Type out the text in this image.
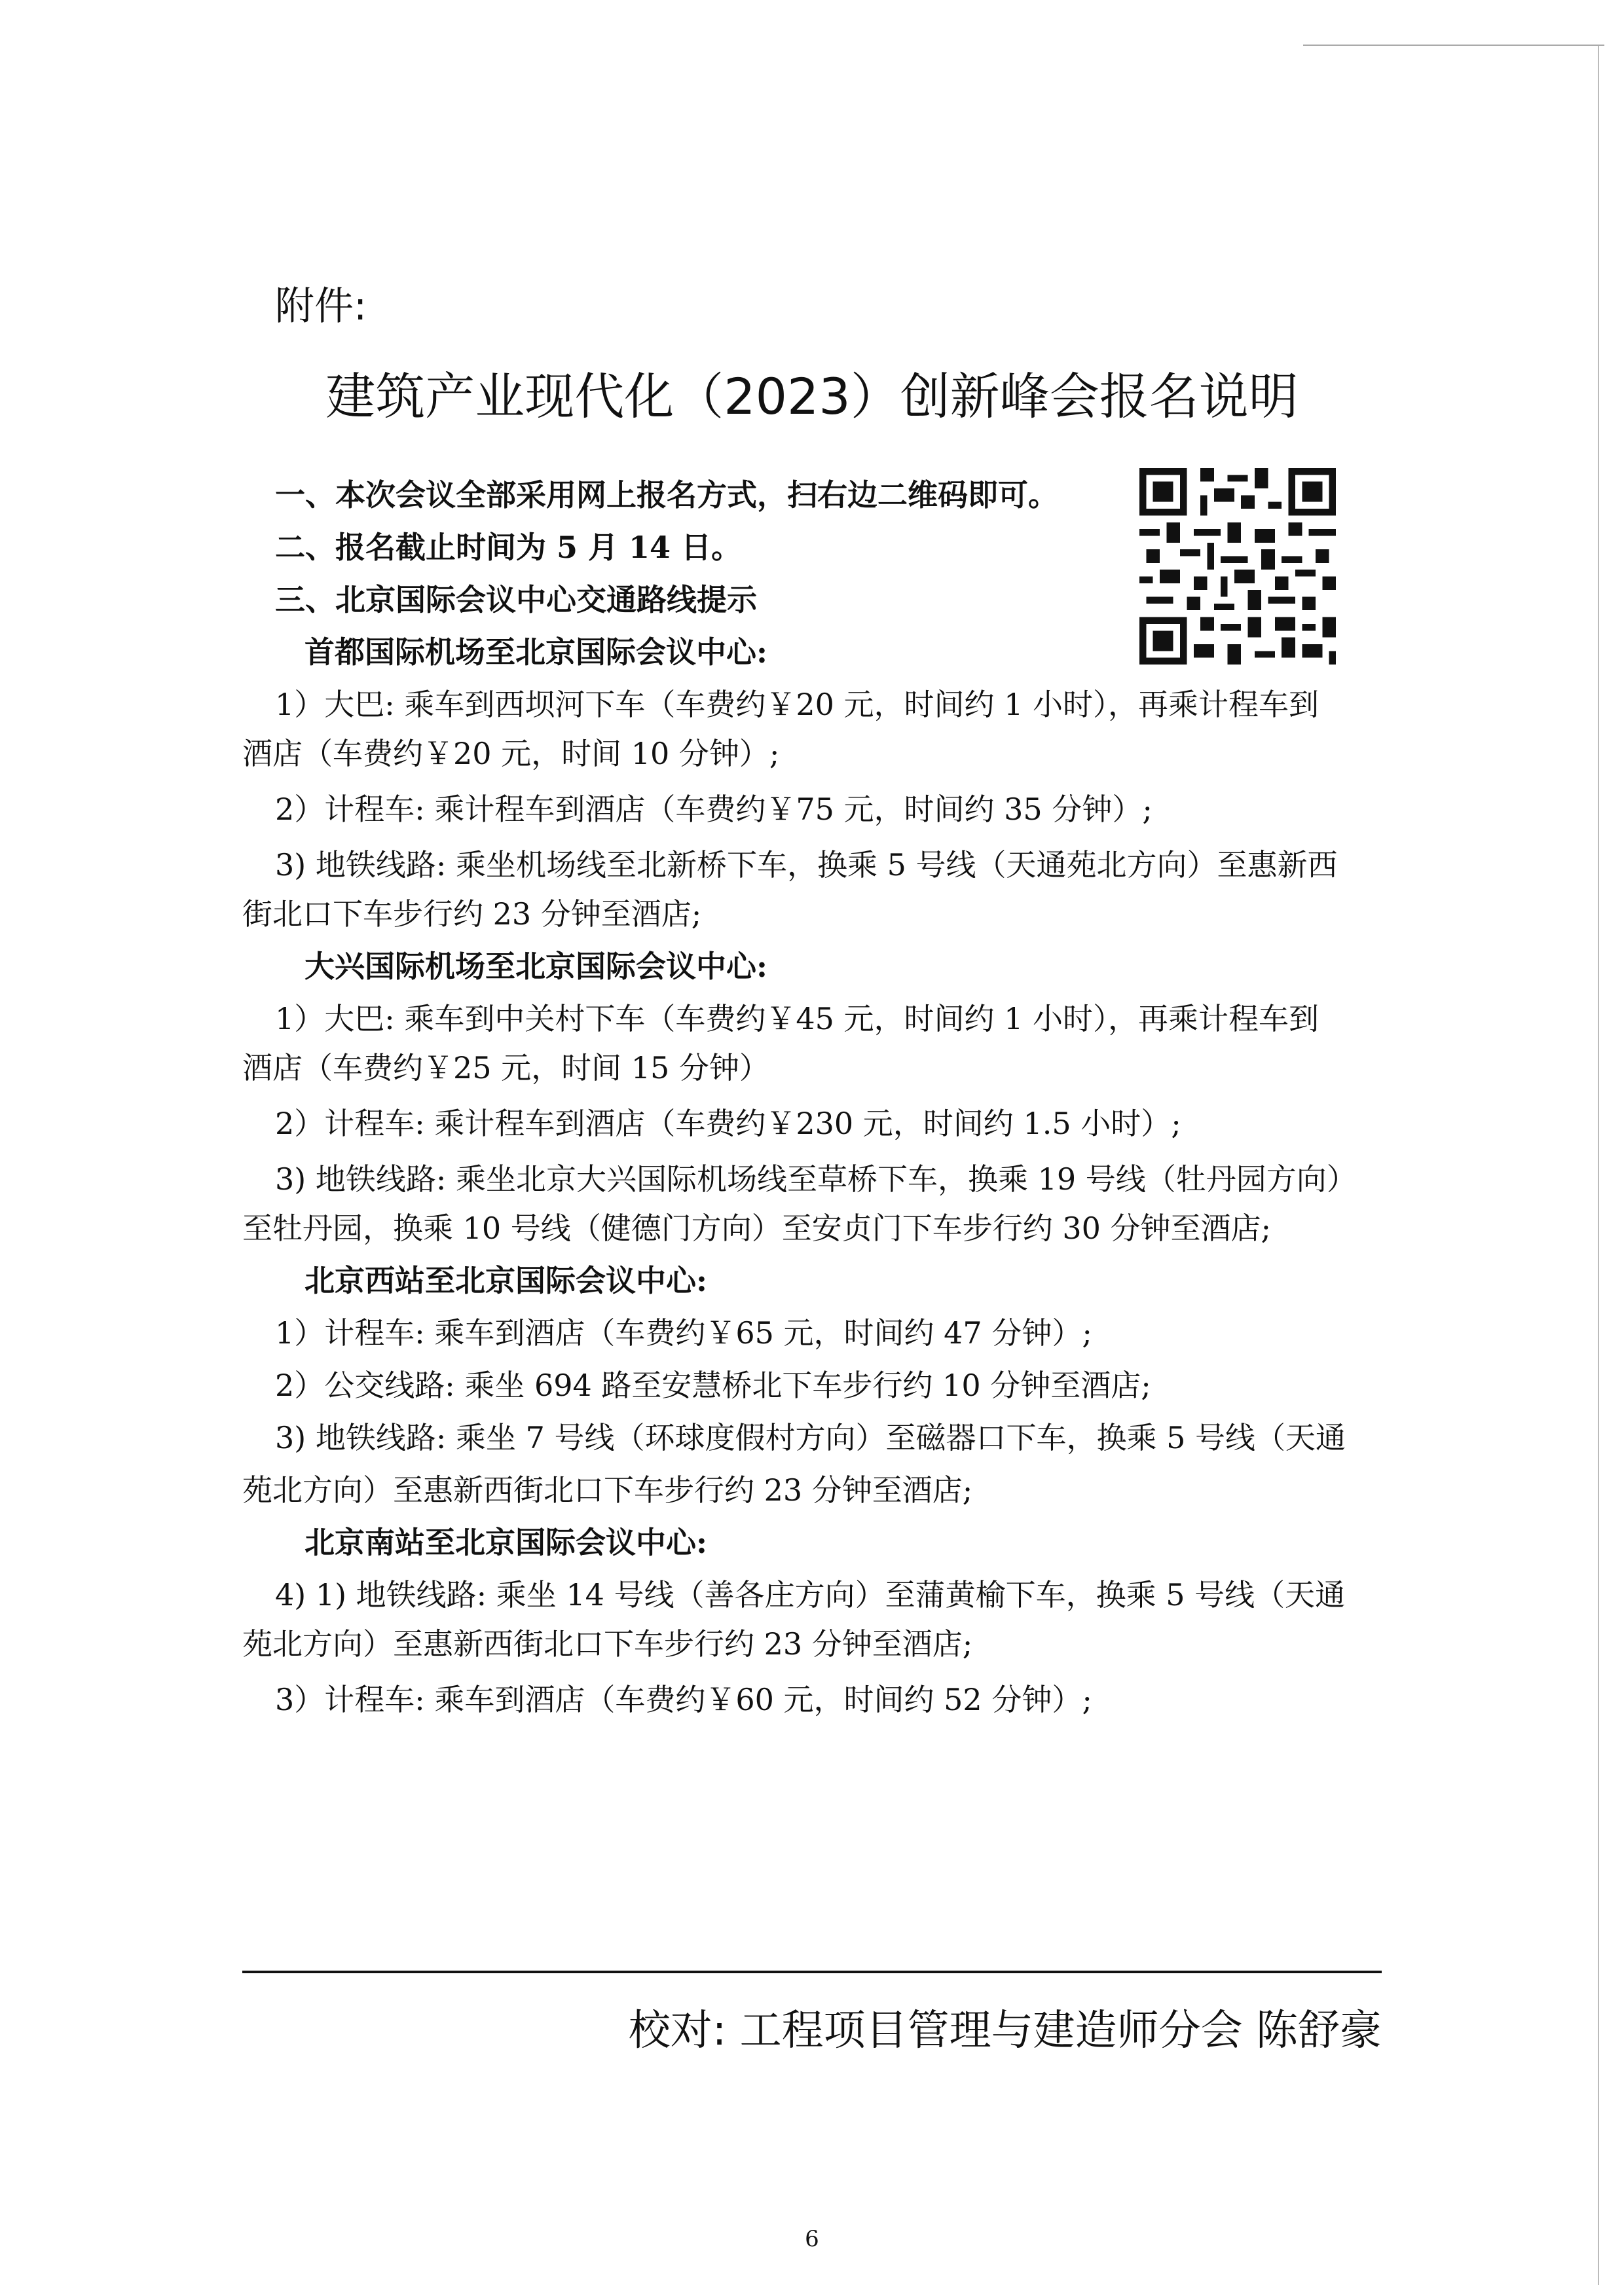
附件:
建筑产业现代化（2023）创新峰会报名说明
一、本次会议全部采用网上报名方式，扫右边二维码即可。
二、报名截止时间为 5 月 14 日。
三、北京国际会议中心交通路线提示
首都国际机场至北京国际会议中心:
1）大巴: 乘车到西坝河下车（车费约￥20 元，时间约 1 小时），再乘计程车到
酒店（车费约￥20 元，时间 10 分钟）;
2）计程车: 乘计程车到酒店（车费约￥75 元，时间约 35 分钟）;
3) 地铁线路: 乘坐机场线至北新桥下车，换乘 5 号线（天通苑北方向）至惠新西
街北口下车步行约 23 分钟至酒店;
大兴国际机场至北京国际会议中心:
1）大巴: 乘车到中关村下车（车费约￥45 元，时间约 1 小时），再乘计程车到
酒店（车费约￥25 元，时间 15 分钟）
2）计程车: 乘计程车到酒店（车费约￥230 元，时间约 1.5 小时）;
3) 地铁线路: 乘坐北京大兴国际机场线至草桥下车，换乘 19 号线（牡丹园方向）
至牡丹园，换乘 10 号线（健德门方向）至安贞门下车步行约 30 分钟至酒店;
北京西站至北京国际会议中心:
1）计程车: 乘车到酒店（车费约￥65 元，时间约 47 分钟）;
2）公交线路: 乘坐 694 路至安慧桥北下车步行约 10 分钟至酒店;
3) 地铁线路: 乘坐 7 号线（环球度假村方向）至磁器口下车，换乘 5 号线（天通
苑北方向）至惠新西街北口下车步行约 23 分钟至酒店;
北京南站至北京国际会议中心:
4) 1) 地铁线路: 乘坐 14 号线（善各庄方向）至蒲黄榆下车，换乘 5 号线（天通
苑北方向）至惠新西街北口下车步行约 23 分钟至酒店;
3）计程车: 乘车到酒店（车费约￥60 元，时间约 52 分钟）;
校对: 工程项目管理与建造师分会 陈舒豪
6
